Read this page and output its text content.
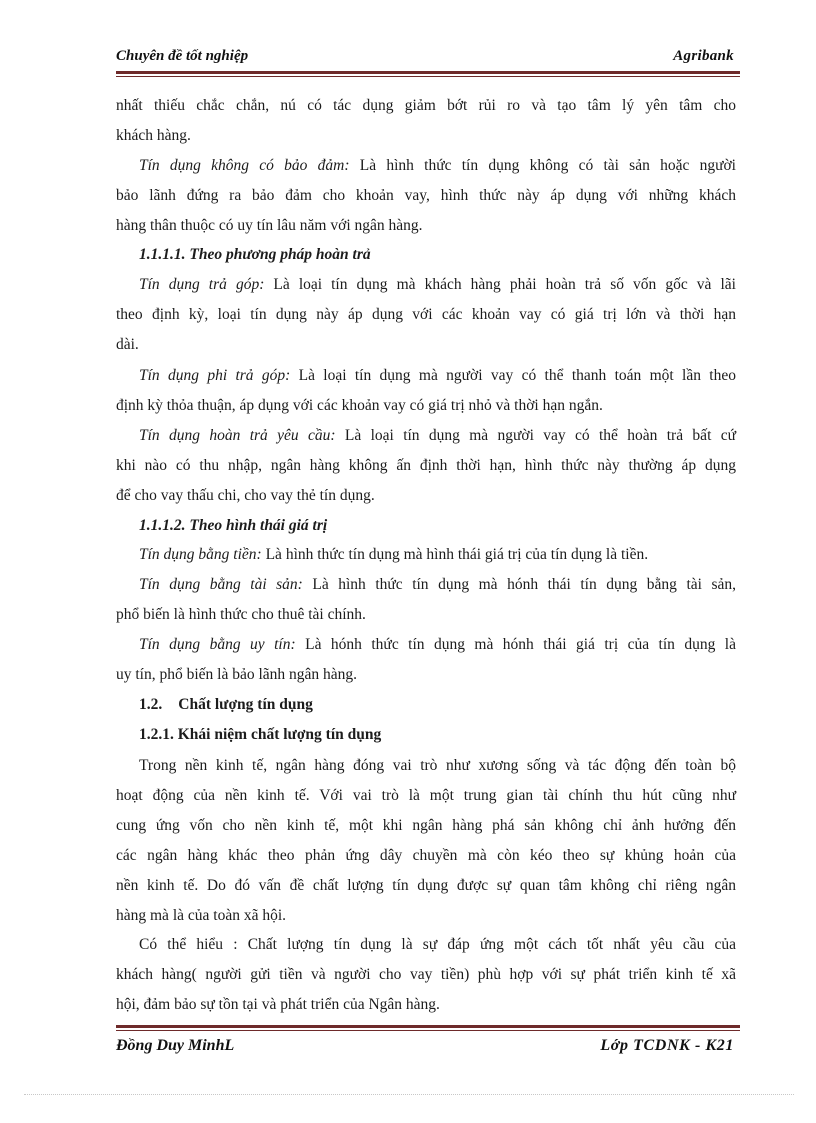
Chuyên đề tốt nghiệp	Agribank
nhất thiếu chắc chắn, nú có tác dụng giảm bớt rủi ro và tạo tâm lý yên tâm cho
khách hàng.
Tín dụng không có bảo đảm: Là hình thức tín dụng không có tài sản hoặc người
bảo lãnh đứng ra bảo đảm cho khoản vay, hình thức này áp dụng với những khách
hàng thân thuộc có uy tín lâu năm với ngân hàng.
1.1.1.1. Theo phương pháp hoàn trả
Tín dụng trả góp: Là loại tín dụng mà khách hàng phải hoàn trả số vốn gốc và lãi
theo định kỳ, loại tín dụng này áp dụng với các khoản vay có giá trị lớn và thời hạn
dài.
Tín dụng phi trả góp: Là loại tín dụng mà người vay có thể thanh toán một lần theo
định kỳ thỏa thuận, áp dụng với các khoản vay có giá trị nhỏ và thời hạn ngắn.
Tín dụng hoàn trả yêu cầu: Là loại tín dụng mà người vay có thể hoàn trả bất cứ
khi nào có thu nhập, ngân hàng không ấn định thời hạn, hình thức này thường áp dụng
để cho vay thấu chi, cho vay thẻ tín dụng.
1.1.1.2. Theo hình thái giá trị
Tín dụng bằng tiền: Là hình thức tín dụng mà hình thái giá trị của tín dụng là tiền.
Tín dụng bằng tài sản: Là hình thức tín dụng mà hónh thái tín dụng bằng tài sản,
phổ biến là hình thức cho thuê tài chính.
Tín dụng bằng uy tín: Là hónh thức tín dụng mà hónh thái giá trị của tín dụng là
uy tín, phổ biến là bảo lãnh ngân hàng.
1.2. Chất lượng tín dụng
1.2.1. Khái niệm chất lượng tín dụng
Trong nền kinh tế, ngân hàng đóng vai trò như xương sống và tác động đến toàn bộ
hoạt động của nền kinh tế. Với vai trò là một trung gian tài chính thu hút cũng như
cung ứng vốn cho nền kinh tế, một khi ngân hàng phá sản không chỉ ảnh hưởng đến
các ngân hàng khác theo phản ứng dây chuyền mà còn kéo theo sự khủng hoản của
nền kinh tế. Do đó vấn đề chất lượng tín dụng được sự quan tâm không chỉ riêng ngân
hàng mà là của toàn xã hội.
Có thể hiểu : Chất lượng tín dụng là sự đáp ứng một cách tốt nhất yêu cầu của
khách hàng( người gửi tiền và người cho vay tiền) phù hợp với sự phát triển kinh tế xã
hội, đảm bảo sự tồn tại và phát triển của Ngân hàng.
Đồng Duy MinhL	Lớp TCDNK - K21
